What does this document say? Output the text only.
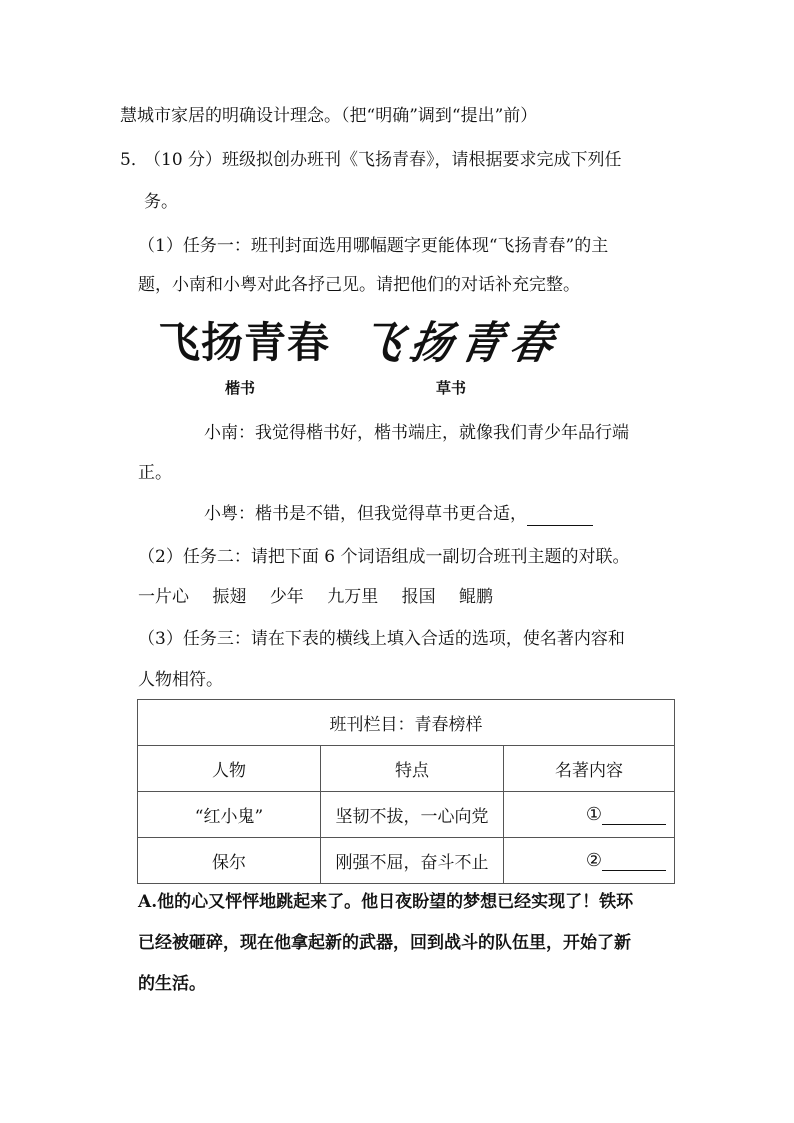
慧城市家居的明确设计理念。（把“明确”调到“提出”前）
5．
（10 分）班级拟创办班刊《飞扬青春》，请根据要求完成下列任
务。
（1）任务一：班刊封面选用哪幅题字更能体现“飞扬青春”的主
题，小南和小粤对此各抒己见。请把他们的对话补充完整。
飞扬青春 飞扬青春
楷书	草书
小南：我觉得楷书好，楷书端庄，就像我们青少年品行端
正。
小粤：楷书是不错，但我觉得草书更合适，
（2）任务二：请把下面 6 个词语组成一副切合班刊主题的对联。
一片心 振翅 少年 九万里 报国 鲲鹏
（3）任务三：请在下表的横线上填入合适的选项，使名著内容和
人物相符。
班刊栏目：青春榜样		
人物	特点	名著内容
“红小鬼”	坚韧不拔，一心向党	①
保尔	刚强不屈，奋斗不止	②
A.他的心又怦怦地跳起来了。他日夜盼望的梦想已经实现了！铁环
已经被砸碎，现在他拿起新的武器，回到战斗的队伍里，开始了新
的生活。
